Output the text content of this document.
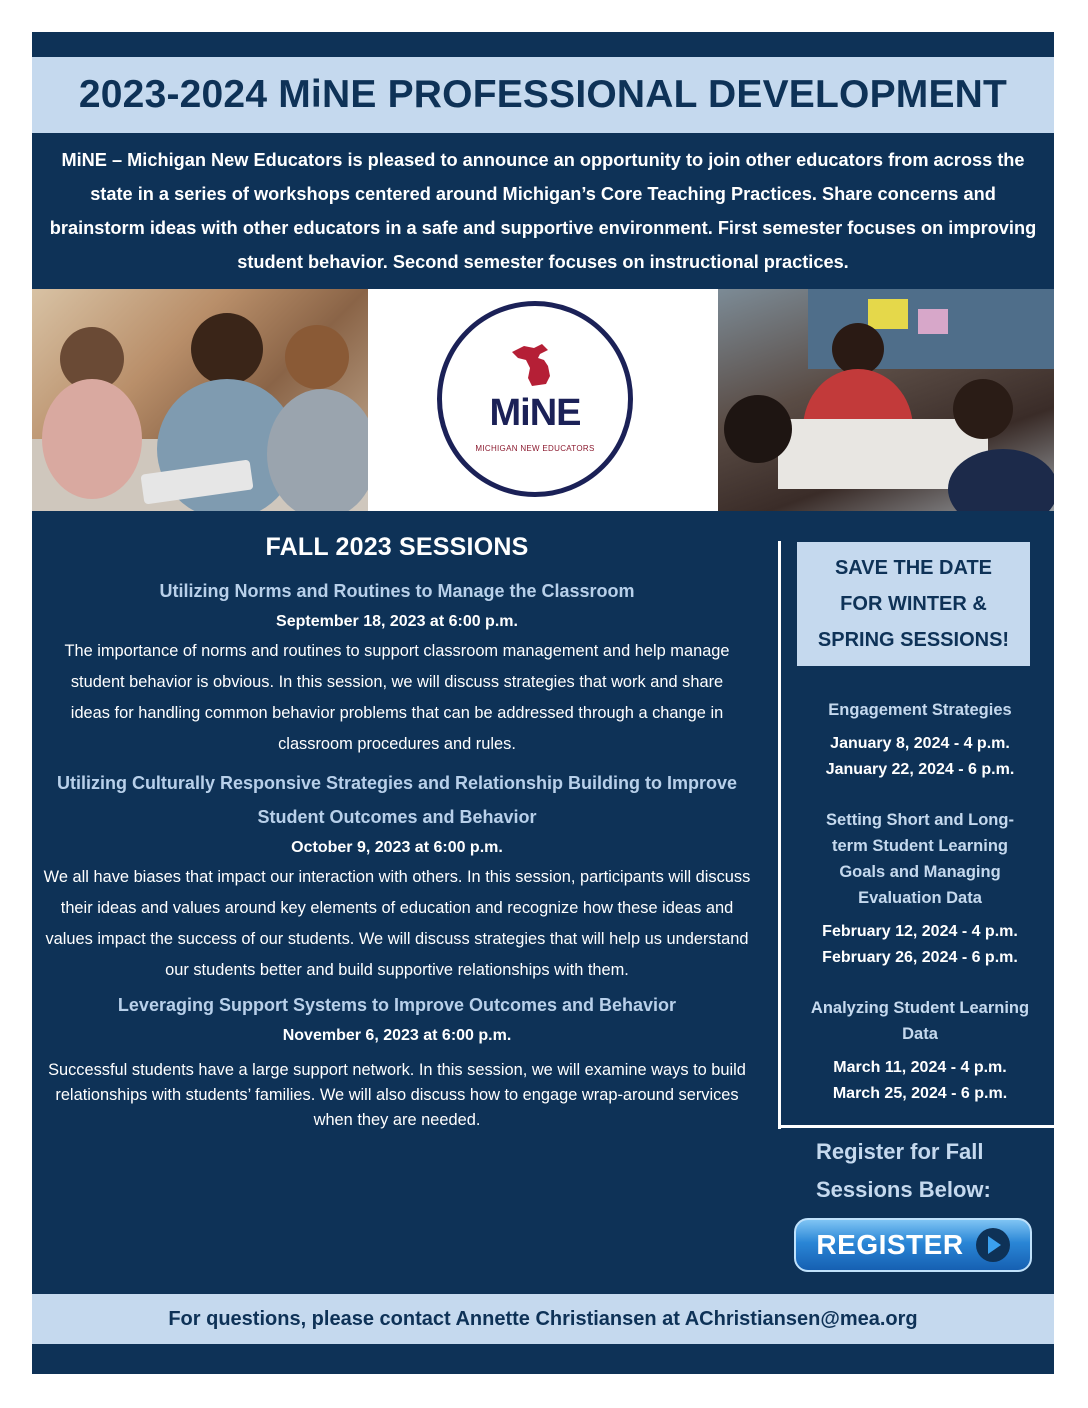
2023-2024 MiNE PROFESSIONAL DEVELOPMENT
MiNE – Michigan New Educators is pleased to announce an opportunity to join other educators from across the state in a series of workshops centered around Michigan’s Core Teaching Practices. Share concerns and brainstorm ideas with other educators in a safe and supportive environment. First semester focuses on improving student behavior. Second semester focuses on instructional practices.
MiNE
MICHIGAN NEW EDUCATORS
FALL 2023 SESSIONS

Utilizing Norms and Routines to Manage the Classroom

September 18, 2023 at 6:00 p.m.

The importance of norms and routines to support classroom management and help manage student behavior is obvious. In this session, we will discuss strategies that work and share ideas for handling common behavior problems that can be addressed through a change in classroom procedures and rules.

Utilizing Culturally Responsive Strategies and Relationship Building to Improve Student Outcomes and Behavior

October 9, 2023 at 6:00 p.m.

We all have biases that impact our interaction with others. In this session, participants will discuss their ideas and values around key elements of education and recognize how these ideas and values impact the success of our students. We will discuss strategies that will help us understand our students better and build supportive relationships with them.

Leveraging Support Systems to Improve Outcomes and Behavior

November 6, 2023 at 6:00 p.m.

Successful students have a large support network. In this session, we will examine ways to build relationships with students’ families. We will also discuss how to engage wrap-around services when they are needed.

SAVE THE DATE FOR WINTER & SPRING SESSIONS!

Engagement Strategies

January 8, 2024 - 4 p.m.

January 22, 2024 - 6 p.m.

Setting Short and Long-term Student Learning Goals and Managing Evaluation Data

February 12, 2024 - 4 p.m.

February 26, 2024 - 6 p.m.

Analyzing Student Learning Data

March 11, 2024 - 4 p.m.

March 25, 2024 - 6 p.m.

Register for Fall Sessions Below:
REGISTER
For questions, please contact Annette Christiansen at AChristiansen@mea.org
